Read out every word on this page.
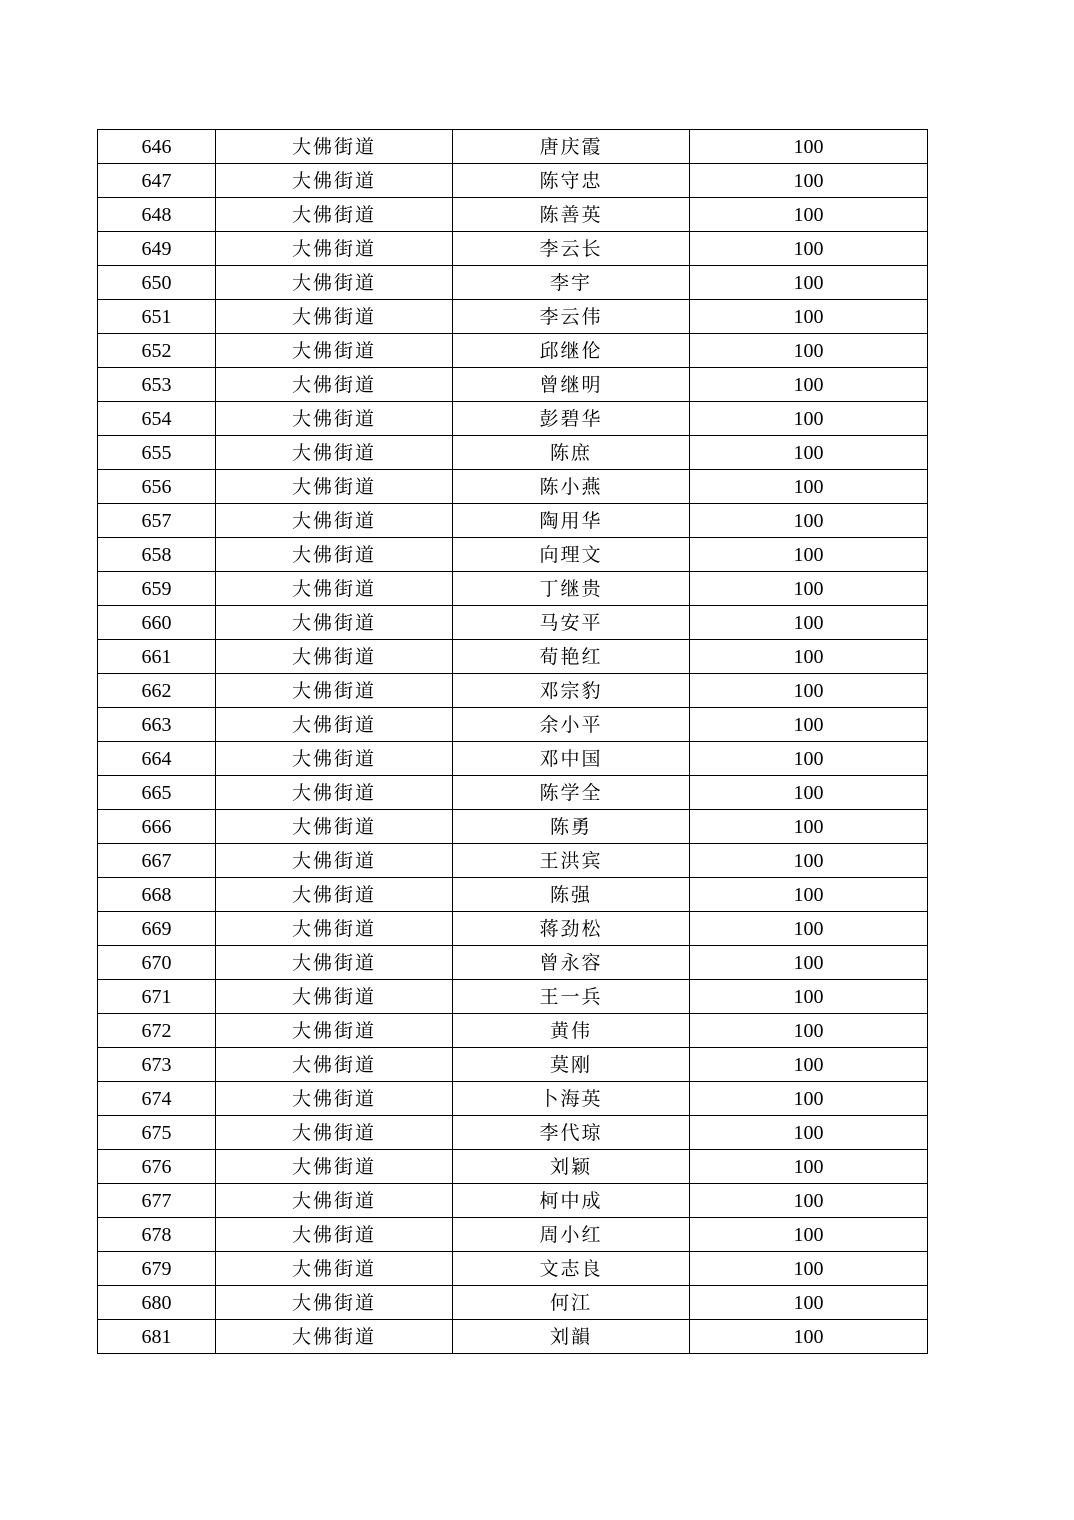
646	大佛街道	唐庆霞	100
647	大佛街道	陈守忠	100
648	大佛街道	陈善英	100
649	大佛街道	李云长	100
650	大佛街道	李宇	100
651	大佛街道	李云伟	100
652	大佛街道	邱继伦	100
653	大佛街道	曾继明	100
654	大佛街道	彭碧华	100
655	大佛街道	陈庶	100
656	大佛街道	陈小燕	100
657	大佛街道	陶用华	100
658	大佛街道	向理文	100
659	大佛街道	丁继贵	100
660	大佛街道	马安平	100
661	大佛街道	荀艳红	100
662	大佛街道	邓宗豹	100
663	大佛街道	余小平	100
664	大佛街道	邓中国	100
665	大佛街道	陈学全	100
666	大佛街道	陈勇	100
667	大佛街道	王洪宾	100
668	大佛街道	陈强	100
669	大佛街道	蒋劲松	100
670	大佛街道	曾永容	100
671	大佛街道	王一兵	100
672	大佛街道	黄伟	100
673	大佛街道	莫刚	100
674	大佛街道	卜海英	100
675	大佛街道	李代琼	100
676	大佛街道	刘颖	100
677	大佛街道	柯中成	100
678	大佛街道	周小红	100
679	大佛街道	文志良	100
680	大佛街道	何江	100
681	大佛街道	刘韻	100
